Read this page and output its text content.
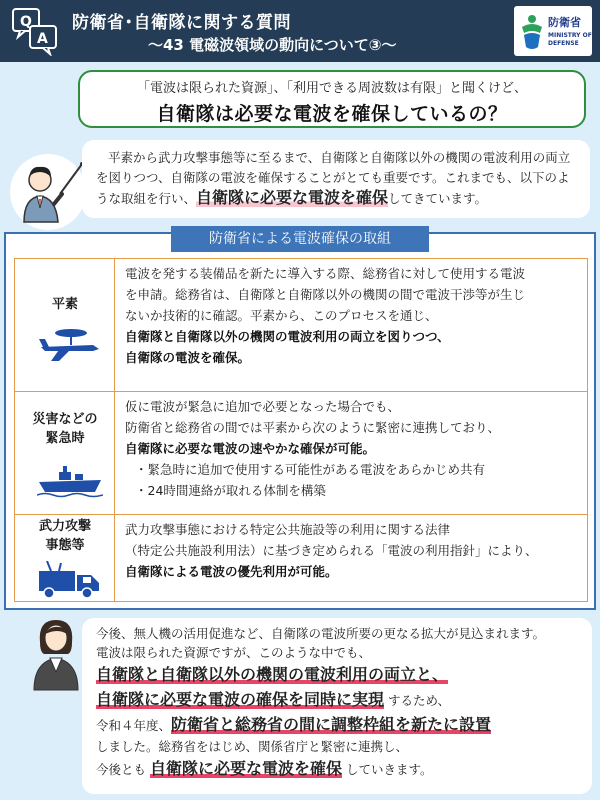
Q
A
防衛省･自衛隊に関する質問
〜43 電磁波領域の動向について③〜
防衛省
MINISTRY OF
DEFENSE
「電波は限られた資源」、「利用できる周波数は有限」と聞くけど、
自衛隊は必要な電波を確保しているの？
平素から武力攻撃事態等に至るまで、自衛隊と自衛隊以外の機関の電波利用の両立を図りつつ、自衛隊の電波を確保することがとても重要です。これまでも、以下のような取組を行い、自衛隊に必要な電波を確保してきています。
防衛省による電波確保の取組
平素
電波を発する装備品を新たに導入する際、総務省に対して使用する電波
を申請。総務省は、自衛隊と自衛隊以外の機関の間で電波干渉等が生じ
ないか技術的に確認。平素から、このプロセスを通じ、
自衛隊と自衛隊以外の機関の電波利用の両立を図りつつ、
自衛隊の電波を確保。
災害などの
緊急時
仮に電波が緊急に追加で必要となった場合でも、
防衛省と総務省の間では平素から次のように緊密に連携しており、
自衛隊に必要な電波の速やかな確保が可能。
・緊急時に追加で使用する可能性がある電波をあらかじめ共有
・24時間連絡が取れる体制を構築
武力攻撃
事態等
武力攻撃事態における特定公共施設等の利用に関する法律
（特定公共施設利用法）に基づき定められる「電波の利用指針」により、
自衛隊による電波の優先利用が可能。
今後、無人機の活用促進など、自衛隊の電波所要の更なる拡大が見込まれます。
電波は限られた資源ですが、このような中でも、
自衛隊と自衛隊以外の機関の電波利用の両立と、
自衛隊に必要な電波の確保を同時に実現 するため、
令和４年度、防衛省と総務省の間に調整枠組を新たに設置
しました。総務省をはじめ、関係省庁と緊密に連携し、
今後とも 自衛隊に必要な電波を確保 していきます。
